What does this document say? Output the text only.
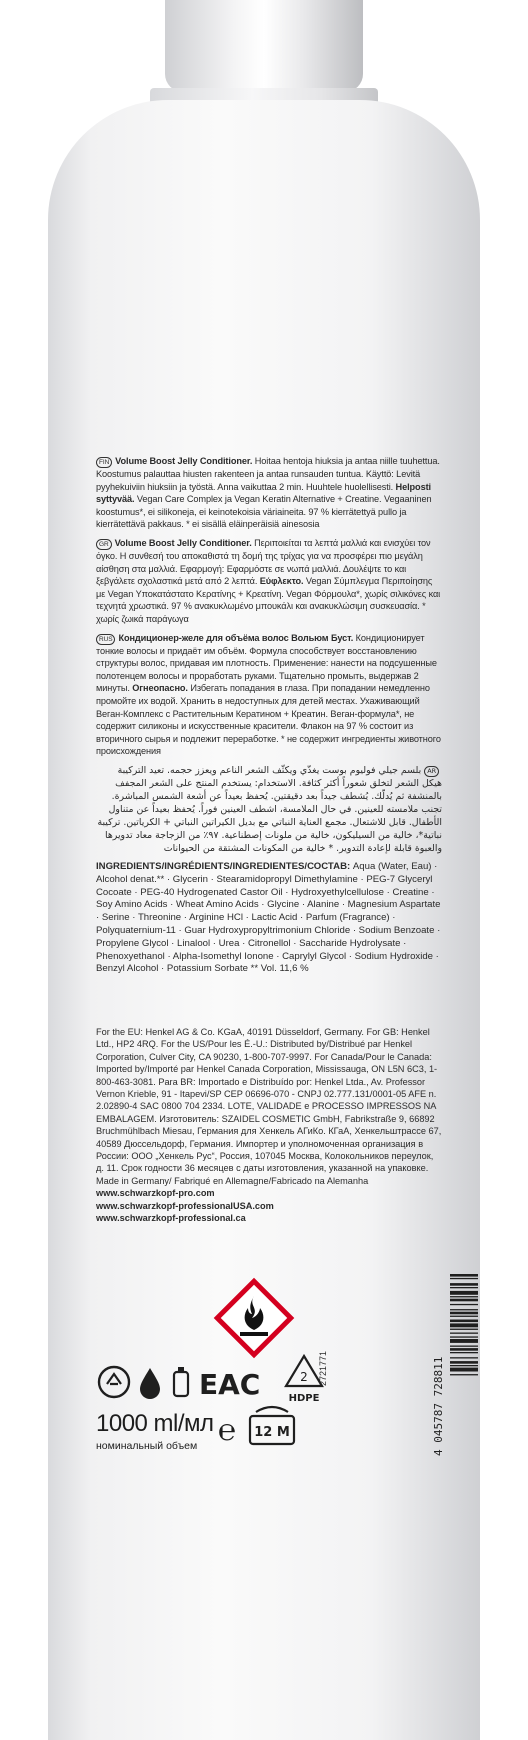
FIN Volume Boost Jelly Conditioner. Hoitaa hentoja hiuksia ja antaa niille tuuhettua. Koostumus palauttaa hiusten rakenteen ja antaa runsauden tuntua. Käyttö: Levitä pyyhekuiviin hiuksiin ja työstä. Anna vaikuttaa 2 min. Huuhtele huolellisesti. Helposti syttyvää. Vegan Care Complex ja Vegan Keratin Alternative + Creatine. Vegaaninen koostumus*, ei silikoneja, ei keinotekoisia väriaineita. 97 % kierrätettyä pullo ja kierrätettävä pakkaus. * ei sisällä eläinperäisiä ainesosia

GR Volume Boost Jelly Conditioner. Περιποιείται τα λεπτά μαλλιά και ενισχύει τον όγκο. Η συνθεσή του αποκαθιστά τη δομή της τρίχας για να προσφέρει πιο μεγάλη αίσθηση στα μαλλιά. Εφαρμογή: Εφαρμόστε σε νωπά μαλλιά. Δουλέψτε το και ξεβγάλετε σχολαστικά μετά από 2 λεπτά. Εύφλεκτο. Vegan Σύμπλεγμα Περιποίησης με Vegan Υποκατάστατο Κερατίνης + Κρεατίνη. Vegan Φόρμουλα*, χωρίς σιλικόνες και τεχνητά χρωστικά. 97 % ανακυκλωμένο μπουκάλι και ανακυκλώσιμη συσκευασία. * χωρίς ζωικά παράγωγα

RUS Кондиционер-желе для объёма волос Вольюм Буст. Кондиционирует тонкие волосы и придаёт им объём. Формула способствует восстановлению структуры волос, придавая им плотность. Применение: нанести на подсушенные полотенцем волосы и проработать руками. Тщательно промыть, выдержав 2 минуты. Огнеопасно. Избегать попадания в глаза. При попадании немедленно промойте их водой. Хранить в недоступных для детей местах. Ухаживающий Веган-Комплекс с Растительным Кератином + Креатин. Веган-формула*, не содержит силиконы и искусственные красители. Флакон на 97 % состоит из вторичного сырья и подлежит переработке. * не содержит ингредиенты животного происхождения

AR بلسم جيلي فوليوم بوست يغذّي ويكثّف الشعر الناعم ويعزز حجمه. تعيد التركيبة هيكل الشعر لتخلق شعوراً أكثر كثافة. الاستخدام: يستخدم المنتج على الشعر المجفف بالمنشفة ثم يُدلّك. يُشطف جيداً بعد دقيقتين. يُحفظ بعيداً عن أشعة الشمس المباشرة. تجنب ملامسته للعينين. في حال الملامسة، اشطف العينين فوراً. يُحفظ بعيداً عن متناول الأطفال. قابل للاشتعال. مجمع العناية النباتي مع بديل الكيراتين النباتي + الكرياتين. تركيبة نباتية*، خالية من السيليكون، خالية من ملونات إصطناعية. ٩٧٪ من الزجاجة معاد تدويرها والعبوة قابلة لإعادة التدوير. * خالية من المكونات المشتقة من الحيوانات

INGREDIENTS/INGRÉDIENTS/INGREDIENTES/СОСТАВ: Aqua (Water, Eau) · Alcohol denat.** · Glycerin · Stearamidopropyl Dimethylamine · PEG-7 Glyceryl Cocoate · PEG-40 Hydrogenated Castor Oil · Hydroxyethylcellulose · Creatine · Soy Amino Acids · Wheat Amino Acids · Glycine · Alanine · Magnesium Aspartate · Serine · Threonine · Arginine HCl · Lactic Acid · Parfum (Fragrance) · Polyquaternium-11 · Guar Hydroxypropyltrimonium Chloride · Sodium Benzoate · Propylene Glycol · Linalool · Urea · Citronellol · Saccharide Hydrolysate · Phenoxyethanol · Alpha-Isomethyl Ionone · Caprylyl Glycol · Sodium Hydroxide · Benzyl Alcohol · Potassium Sorbate ** Vol. 11,6 %
For the EU: Henkel AG & Co. KGaA, 40191 Düsseldorf, Germany. For GB: Henkel Ltd., HP2 4RQ. For the US/Pour les É.-U.: Distributed by/Distribué par Henkel Corporation, Culver City, CA 90230, 1-800-707-9997. For Canada/Pour le Canada: Imported by/Importé par Henkel Canada Corporation, Mississauga, ON L5N 6C3, 1-800-463-3081. Para BR: Importado e Distribuído por: Henkel Ltda., Av. Professor Vernon Krieble, 91 - Itapevi/SP CEP 06696-070 - CNPJ 02.777.131/0001-05 AFE n. 2.02890-4 SAC 0800 704 2334. LOTE, VALIDADE e PROCESSO IMPRESSOS NA EMBALAGEM. Изготовитель: SZAIDEL COSMETIC GmbH, Fabrikstraße 9, 66892 Bruchmühlbach Miesau, Германия для Хенкель АГиКо. КГаА, Хенкельштрассе 67, 40589 Дюссельдорф, Германия. Импортер и уполномоченная организация в России: ООО „Хенкель Рус“, Россия, 107045 Москва, Колокольников переулок, д. 11. Срок годности 36 месяцев с даты изготовления, указанной на упаковке. Made in Germany/ Fabriqué en Allemagne/Fabricado na Alemanha
www.schwarzkopf-pro.com
www.schwarzkopf-professionalUSA.com
www.schwarzkopf-professional.ca
EAC	2
HDPE
1000 ml/мл
номинальный объем ℮ 12 M
2721771	4 045787 728811
